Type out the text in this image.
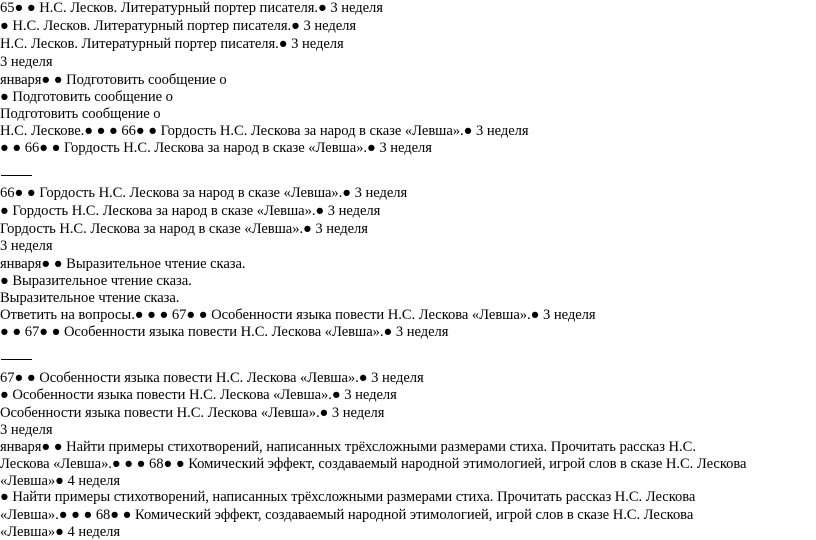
65● ● Н.С. Лесков. Литературный портер писателя.● 3 неделя
● Н.С. Лесков. Литературный портер писателя.● 3 неделя
Н.С. Лесков. Литературный портер писателя.● 3 неделя
3 неделя
января● ● Подготовить сообщение о
● Подготовить сообщение о
Подготовить сообщение о
Н.С. Лескове.● ● ● 66● ● Гордость Н.С. Лескова за народ в сказе «Левша».● 3 неделя
● ● 66● ● Гордость Н.С. Лескова за народ в сказе «Левша».● 3 неделя
66● ● Гордость Н.С. Лескова за народ в сказе «Левша».● 3 неделя
● Гордость Н.С. Лескова за народ в сказе «Левша».● 3 неделя
Гордость Н.С. Лескова за народ в сказе «Левша».● 3 неделя
3 неделя
января● ● Выразительное чтение сказа.
● Выразительное чтение сказа.
Выразительное чтение сказа.
Ответить на вопросы.● ● ● 67● ● Особенности языка повести Н.С. Лескова «Левша».● 3 неделя
● ● 67● ● Особенности языка повести Н.С. Лескова «Левша».● 3 неделя
67● ● Особенности языка повести Н.С. Лескова «Левша».● 3 неделя
● Особенности языка повести Н.С. Лескова «Левша».● 3 неделя
Особенности языка повести Н.С. Лескова «Левша».● 3 неделя
3 неделя
января● ● Найти примеры стихотворений, написанных трёхсложными размерами стиха. Прочитать рассказ Н.С.
Лескова «Левша».● ● ● 68● ● Комический эффект, создаваемый народной этимологией, игрой слов в сказе Н.С. Лескова
«Левша»● 4 неделя
● Найти примеры стихотворений, написанных трёхсложными размерами стиха. Прочитать рассказ Н.С. Лескова
«Левша».● ● ● 68● ● Комический эффект, создаваемый народной этимологией, игрой слов в сказе Н.С. Лескова
«Левша»● 4 неделя
